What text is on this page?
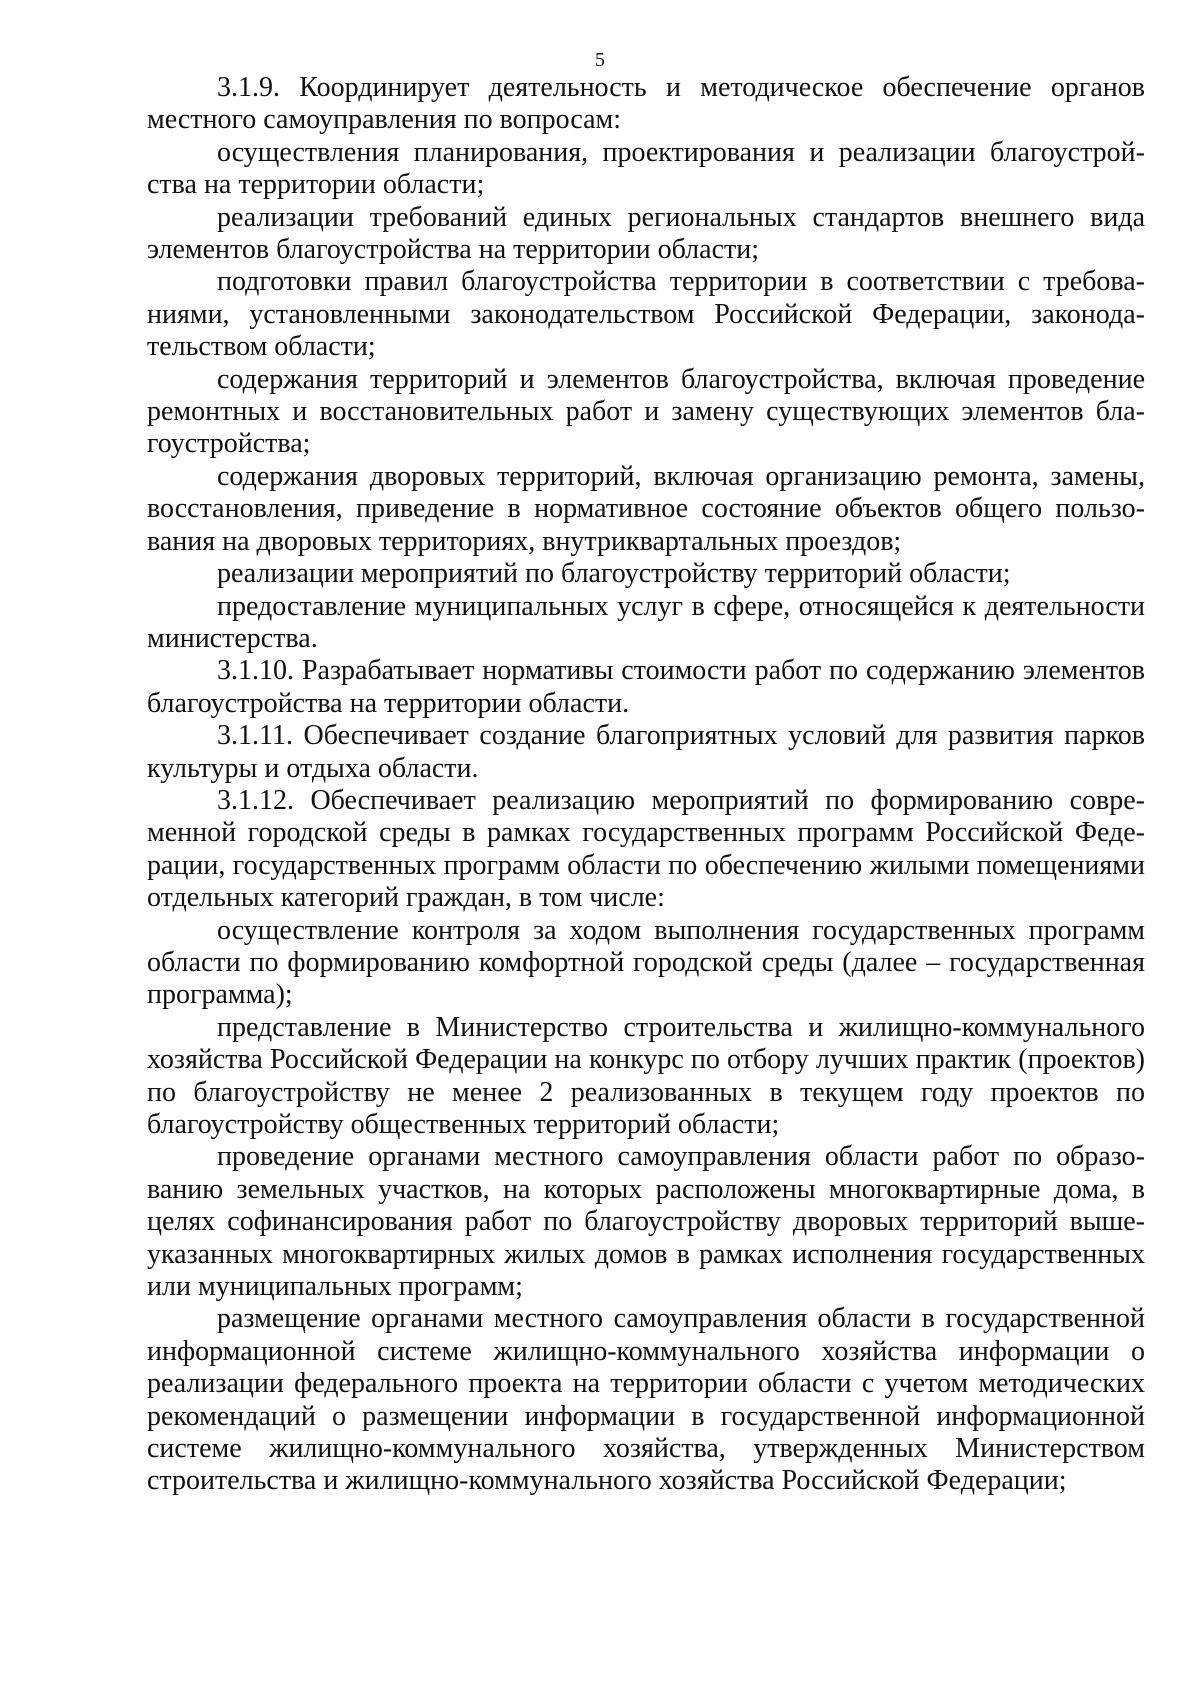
5

3.1.9. Координирует деятельность и методическое обеспечение органов местного самоуправления по вопросам:

осуществления планирования, проектирования и реализации благоустройства на территории области;

реализации требований единых региональных стандартов внешнего вида элементов благоустройства на территории области;

подготовки правил благоустройства территории в соответствии с требованиями, установленными законодательством Российской Федерации, законодательством области;

содержания территорий и элементов благоустройства, включая проведение ремонтных и восстановительных работ и замену существующих элементов благоустройства;

содержания дворовых территорий, включая организацию ремонта, замены, восстановления, приведение в нормативное состояние объектов общего пользования на дворовых территориях, внутриквартальных проездов;

реализации мероприятий по благоустройству территорий области;

предоставление муниципальных услуг в сфере, относящейся к деятельности министерства.

3.1.10. Разрабатывает нормативы стоимости работ по содержанию элементов благоустройства на территории области.

3.1.11. Обеспечивает создание благоприятных условий для развития парков культуры и отдыха области.

3.1.12. Обеспечивает реализацию мероприятий по формированию современной городской среды в рамках государственных программ Российской Федерации, государственных программ области по обеспечению жилыми помещениями отдельных категорий граждан, в том числе:

осуществление контроля за ходом выполнения государственных программ области по формированию комфортной городской среды (далее – государственная программа);

представление в Министерство строительства и жилищно-коммунального хозяйства Российской Федерации на конкурс по отбору лучших практик (проектов) по благоустройству не менее 2 реализованных в текущем году проектов по благоустройству общественных территорий области;

проведение органами местного самоуправления области работ по образованию земельных участков, на которых расположены многоквартирные дома, в целях софинансирования работ по благоустройству дворовых территорий вышеуказанных многоквартирных жилых домов в рамках исполнения государственных или муниципальных программ;

размещение органами местного самоуправления области в государственной информационной системе жилищно-коммунального хозяйства информации о реализации федерального проекта на территории области с учетом методических рекомендаций о размещении информации в государственной информационной системе жилищно-коммунального хозяйства, утвержденных Министерством строительства и жилищно-коммунального хозяйства Российской Федерации;
